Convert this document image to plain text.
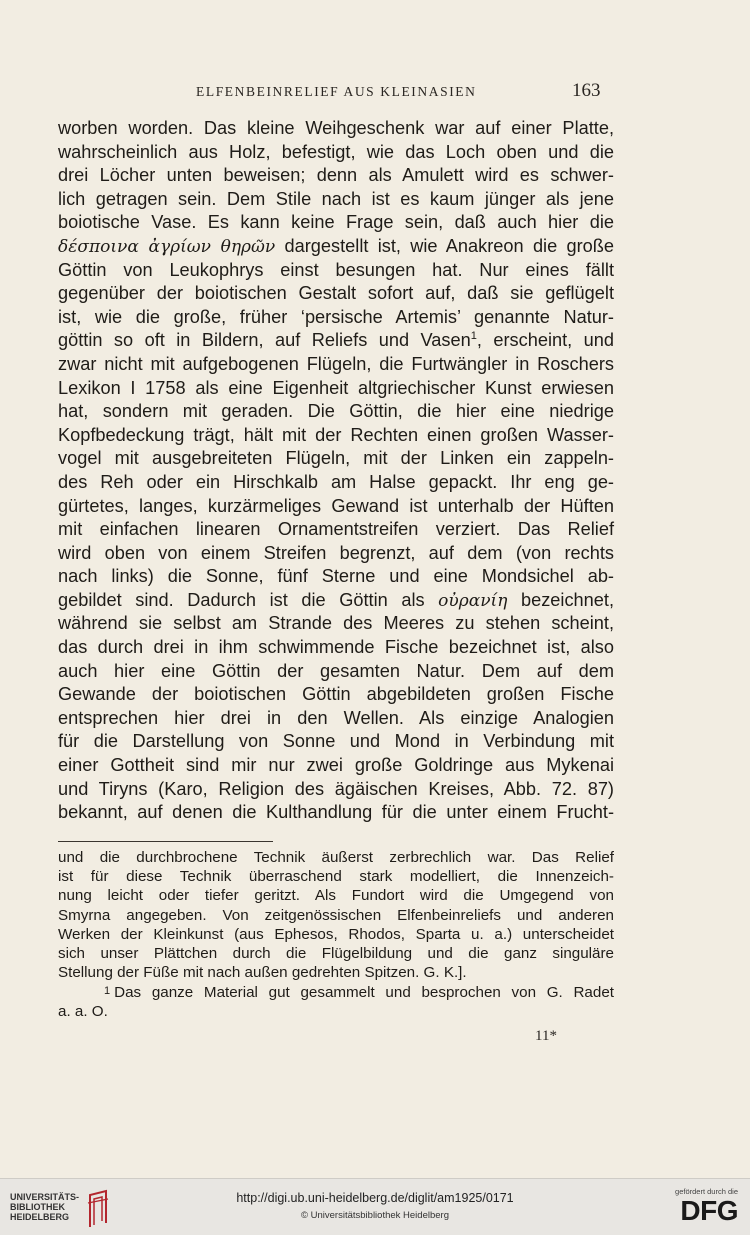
ELFENBEINRELIEF AUS KLEINASIEN	163
worben worden. Das kleine Weihgeschenk war auf einer Platte,
wahrscheinlich aus Holz, befestigt, wie das Loch oben und die
drei Löcher unten beweisen; denn als Amulett wird es schwer-
lich getragen sein. Dem Stile nach ist es kaum jünger als jene
boiotische Vase. Es kann keine Frage sein, daß auch hier die
δέσποινα ἀγρίων θηρῶν dargestellt ist, wie Anakreon die große
Göttin von Leukophrys einst besungen hat. Nur eines fällt
gegenüber der boiotischen Gestalt sofort auf, daß sie geflügelt
ist, wie die große, früher ‘persische Artemis’ genannte Natur-
göttin so oft in Bildern, auf Reliefs und Vasen$^1$, erscheint, und
zwar nicht mit aufgebogenen Flügeln, die Furtwängler in Roschers
Lexikon I 1758 als eine Eigenheit altgriechischer Kunst erwiesen
hat, sondern mit geraden. Die Göttin, die hier eine niedrige
Kopfbedeckung trägt, hält mit der Rechten einen großen Wasser-
vogel mit ausgebreiteten Flügeln, mit der Linken ein zappeln-
des Reh oder ein Hirschkalb am Halse gepackt. Ihr eng ge-
gürtetes, langes, kurzärmeliges Gewand ist unterhalb der Hüften
mit einfachen linearen Ornamentstreifen verziert. Das Relief
wird oben von einem Streifen begrenzt, auf dem (von rechts
nach links) die Sonne, fünf Sterne und eine Mondsichel ab-
gebildet sind. Dadurch ist die Göttin als οὐρανίη bezeichnet,
während sie selbst am Strande des Meeres zu stehen scheint,
das durch drei in ihm schwimmende Fische bezeichnet ist, also
auch hier eine Göttin der gesamten Natur. Dem auf dem
Gewande der boiotischen Göttin abgebildeten großen Fische
entsprechen hier drei in den Wellen. Als einzige Analogien
für die Darstellung von Sonne und Mond in Verbindung mit
einer Gottheit sind mir nur zwei große Goldringe aus Mykenai
und Tiryns (Karo, Religion des ägäischen Kreises, Abb. 72. 87)
bekannt, auf denen die Kulthandlung für die unter einem Frucht-
und die durchbrochene Technik äußerst zerbrechlich war. Das Relief
ist für diese Technik überraschend stark modelliert, die Innenzeich-
nung leicht oder tiefer geritzt. Als Fundort wird die Umgegend von
Smyrna angegeben. Von zeitgenössischen Elfenbeinreliefs und anderen
Werken der Kleinkunst (aus Ephesos, Rhodos, Sparta u. a.) unterscheidet
sich unser Plättchen durch die Flügelbildung und die ganz singuläre
Stellung der Füße mit nach außen gedrehten Spitzen. G. K.].
1 Das ganze Material gut gesammelt und besprochen von G. Radet
a. a. O.
11*
UNIVERSITÄTS-
BIBLIOTHEK
HEIDELBERG
http://digi.ub.uni-heidelberg.de/diglit/am1925/0171
© Universitätsbibliothek Heidelberg
gefördert durch die
DFG
